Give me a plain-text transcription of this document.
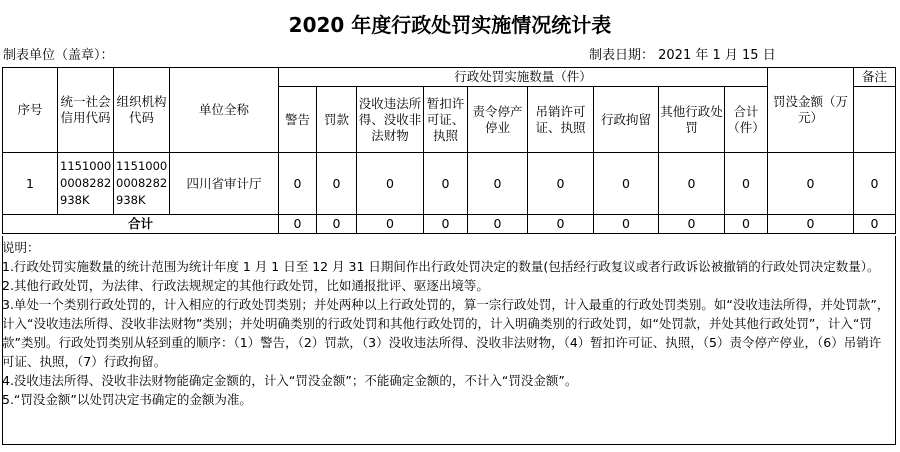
2020 年度行政处罚实施情况统计表
制表单位（盖章）：	制表日期： 2021 年 1 月 15 日
序号	统一社会信用代码	组织机构代码	单位全称	行政处罚实施数量（件）									罚没金额（万元）	备注
				警告	罚款	没收违法所得、没收非法财物	暂扣许可证、执照	责令停产停业	吊销许可证、执照	行政拘留	其他行政处罚	合计（件）		
1	11510000008282938K	11510000008282938K	四川省审计厅	0	0	0	0	0	0	0	0	0	0	0
合计				0	0	0	0	0	0	0	0	0	0	0
说明：
1.行政处罚实施数量的统计范围为统计年度 1 月 1 日至 12 月 31 日期间作出行政处罚决定的数量(包括经行政复议或者行政诉讼被撤销的行政处罚决定数量）。
2.其他行政处罚，为法律、行政法规规定的其他行政处罚，比如通报批评、驱逐出境等。
3.单处一个类别行政处罚的，计入相应的行政处罚类别；并处两种以上行政处罚的，算一宗行政处罚，计入最重的行政处罚类别。如“没收违法所得，并处罚款”，计入“没收违法所得、没收非法财物”类别；并处明确类别的行政处罚和其他行政处罚的，计入明确类别的行政处罚，如“处罚款，并处其他行政处罚”，计入“罚款”类别。行政处罚类别从轻到重的顺序：（1）警告，（2）罚款，（3）没收违法所得、没收非法财物，（4）暂扣许可证、执照，（5）责令停产停业，（6）吊销许可证、执照，（7）行政拘留。
4.没收违法所得、没收非法财物能确定金额的，计入“罚没金额”；不能确定金额的，不计入“罚没金额”。
5.“罚没金额”以处罚决定书确定的金额为准。
